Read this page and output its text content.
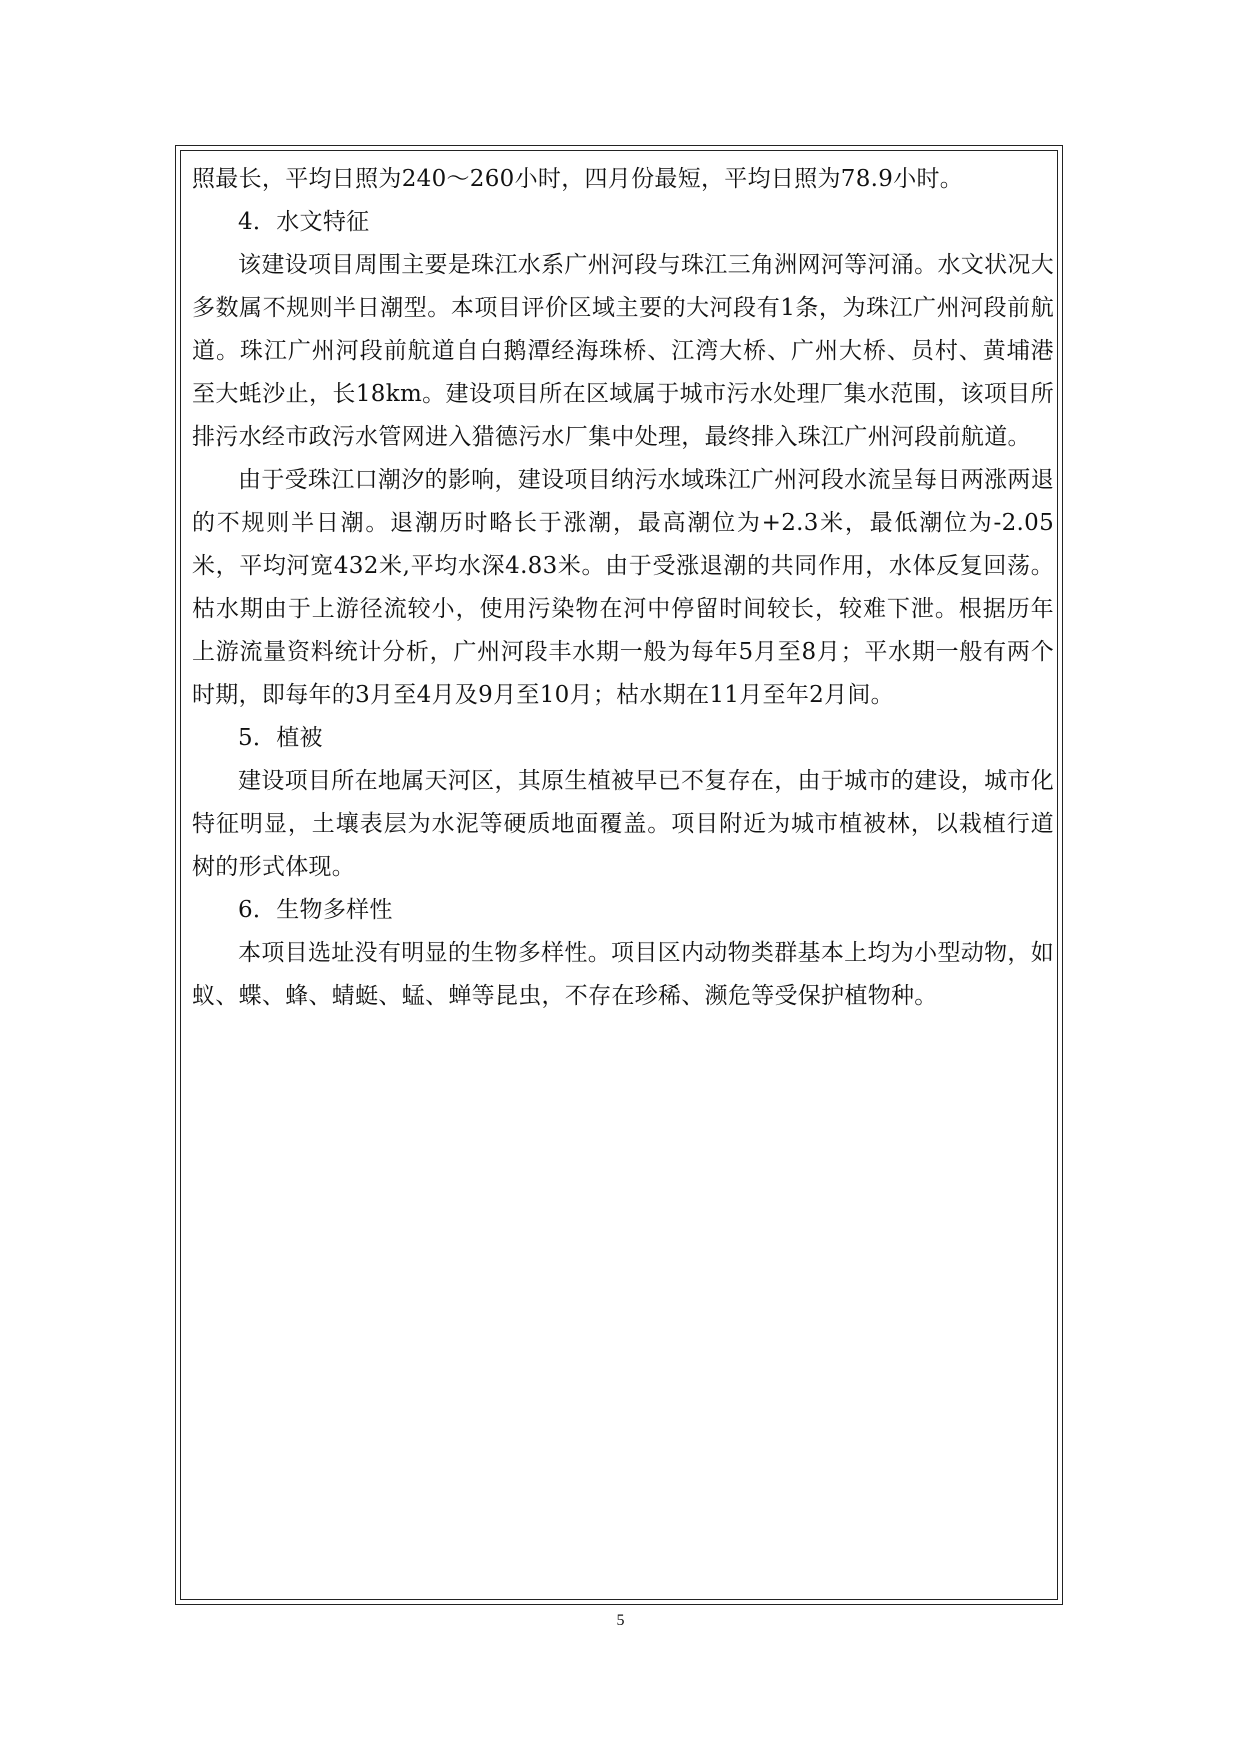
照最长，平均日照为240～260小时，四月份最短，平均日照为78.9小时。

4．水文特征

该建设项目周围主要是珠江水系广州河段与珠江三角洲网河等河涌。水文状况大多数属不规则半日潮型。本项目评价区域主要的大河段有1条，为珠江广州河段前航道。珠江广州河段前航道自白鹅潭经海珠桥、江湾大桥、广州大桥、员村、黄埔港至大蚝沙止，长18km。建设项目所在区域属于城市污水处理厂集水范围，该项目所排污水经市政污水管网进入猎德污水厂集中处理，最终排入珠江广州河段前航道。

由于受珠江口潮汐的影响，建设项目纳污水域珠江广州河段水流呈每日两涨两退的不规则半日潮。退潮历时略长于涨潮，最高潮位为+2.3米，最低潮位为-2.05米，平均河宽432米,平均水深4.83米。由于受涨退潮的共同作用，水体反复回荡。枯水期由于上游径流较小，使用污染物在河中停留时间较长，较难下泄。根据历年上游流量资料统计分析，广州河段丰水期一般为每年5月至8月；平水期一般有两个时期，即每年的3月至4月及9月至10月；枯水期在11月至年2月间。

5．植被

建设项目所在地属天河区，其原生植被早已不复存在，由于城市的建设，城市化特征明显，土壤表层为水泥等硬质地面覆盖。项目附近为城市植被林，以栽植行道树的形式体现。

6．生物多样性

本项目选址没有明显的生物多样性。项目区内动物类群基本上均为小型动物，如蚁、蝶、蜂、蜻蜓、蜢、蝉等昆虫，不存在珍稀、濒危等受保护植物种。

5
